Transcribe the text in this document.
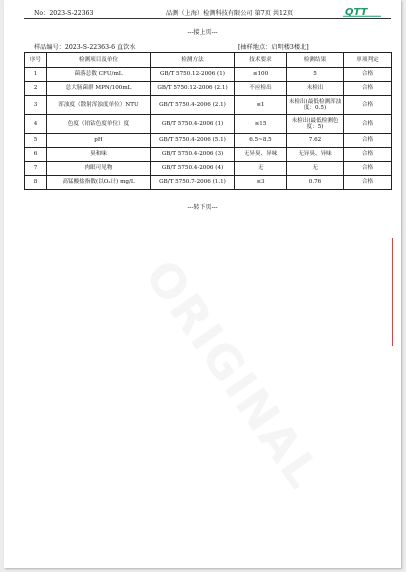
No：2023-S-22363	品测（上海）检测科技有限公司 第7页 共12页	QTT
---接上页---
样品编号：2023-S-22363-6 直饮水	[抽样地点：启明楼3楼北]
序号	检测项目及单位	检测方法	技术要求	检测结果	单项判定
1	菌落总数 CFU/mL	GB/T 5750.12-2006 (1)	≤100	5	合格
2	总大肠菌群 MPN/100mL	GB/T 5750.12-2006 (2.1)	不应检出	未检出	合格
3	浑浊度（散射浑浊度单位）NTU	GB/T 5750.4-2006 (2.1)	≤1	未检出(最低检测浑浊度：0.5)	合格
4	色度（铂钴色度单位）度	GB/T 5750.4-2006 (1)	≤15	未检出(最低检测色度：5)	合格
5	pH	GB/T 5750.4-2006 (5.1)	6.5~8.5	7.62	合格
6	臭和味	GB/T 5750.4-2006 (3)	无异臭、异味	无异臭、异味	合格
7	肉眼可见物	GB/T 5750.4-2006 (4)	无	无	合格
8	高锰酸盐指数(以O₂计) mg/L	GB/T 5750.7-2006 (1.1)	≤3	0.76	合格
---转下页---
ORIGINAL
